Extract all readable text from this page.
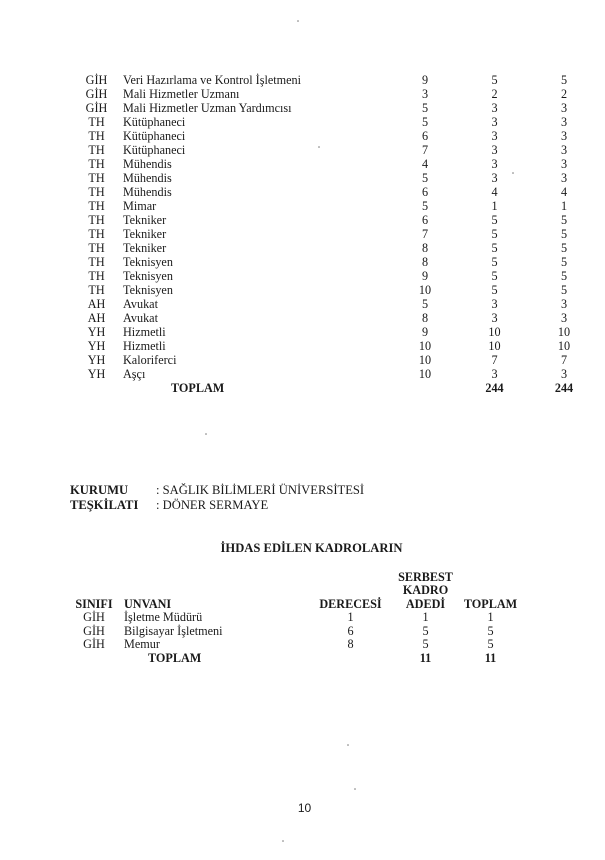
GİH	Veri Hazırlama ve Kontrol İşletmeni	9	5	5
GİH	Mali Hizmetler Uzmanı	3	2	2
GİH	Mali Hizmetler Uzman Yardımcısı	5	3	3
TH	Kütüphaneci	5	3	3
TH	Kütüphaneci	6	3	3
TH	Kütüphaneci	7	3	3
TH	Mühendis	4	3	3
TH	Mühendis	5	3	3
TH	Mühendis	6	4	4
TH	Mimar	5	1	1
TH	Tekniker	6	5	5
TH	Tekniker	7	5	5
TH	Tekniker	8	5	5
TH	Teknisyen	8	5	5
TH	Teknisyen	9	5	5
TH	Teknisyen	10	5	5
AH	Avukat	5	3	3
AH	Avukat	8	3	3
YH	Hizmetli	9	10	10
YH	Hizmetli	10	10	10
YH	Kaloriferci	10	7	7
YH	Aşçı	10	3	3
	TOPLAM		244	244
KURUMU	: SAĞLIK BİLİMLERİ ÜNİVERSİTESİ
TEŞKİLATI	: DÖNER SERMAYE
İHDAS EDİLEN KADROLARIN
SINIFI	UNVANI	DERECESİ	SERBEST
KADRO
ADEDİ	TOPLAM
GİH	İşletme Müdürü	1	1	1
GİH	Bilgisayar İşletmeni	6	5	5
GİH	Memur	8	5	5
	TOPLAM		11	11
10
